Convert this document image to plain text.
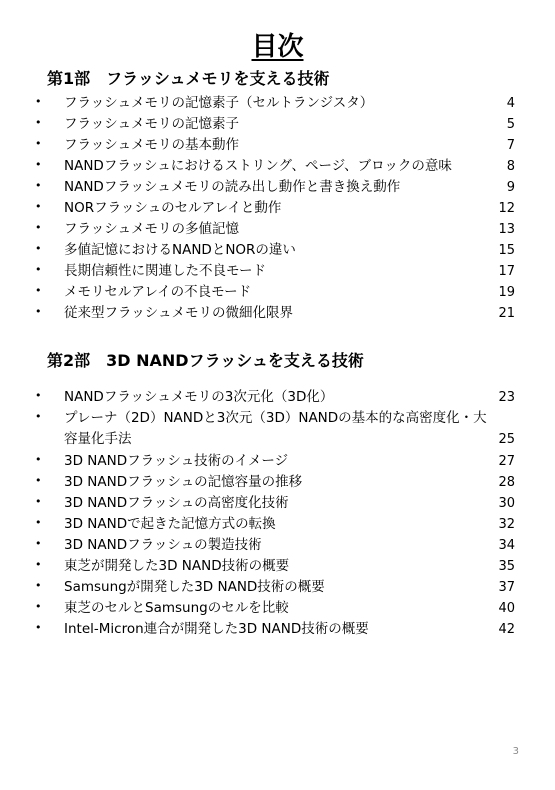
目次
第1部　フラッシュメモリを支える技術
• フラッシュメモリの記憶素子（セルトランジスタ）	4
• フラッシュメモリの記憶素子	5
• フラッシュメモリの基本動作	7
• NANDフラッシュにおけるストリング、ページ、ブロックの意味	8
• NANDフラッシュメモリの読み出し動作と書き換え動作	9
• NORフラッシュのセルアレイと動作	12
• フラッシュメモリの多値記憶	13
• 多値記憶におけるNANDとNORの違い	15
• 長期信頼性に関連した不良モード	17
• メモリセルアレイの不良モード	19
• 従来型フラッシュメモリの微細化限界	21
第2部　3D NANDフラッシュを支える技術
• NANDフラッシュメモリの3次元化（3D化）	23
• プレーナ（2D）NANDと3次元（3D）NANDの基本的な高密度化・大容量化手法	25
• 3D NANDフラッシュ技術のイメージ	27
• 3D NANDフラッシュの記憶容量の推移	28
• 3D NANDフラッシュの高密度化技術	30
• 3D NANDで起きた記憶方式の転換	32
• 3D NANDフラッシュの製造技術	34
• 東芝が開発した3D NAND技術の概要	35
• Samsungが開発した3D NAND技術の概要	37
• 東芝のセルとSamsungのセルを比較	40
• Intel-Micron連合が開発した3D NAND技術の概要	42
3
